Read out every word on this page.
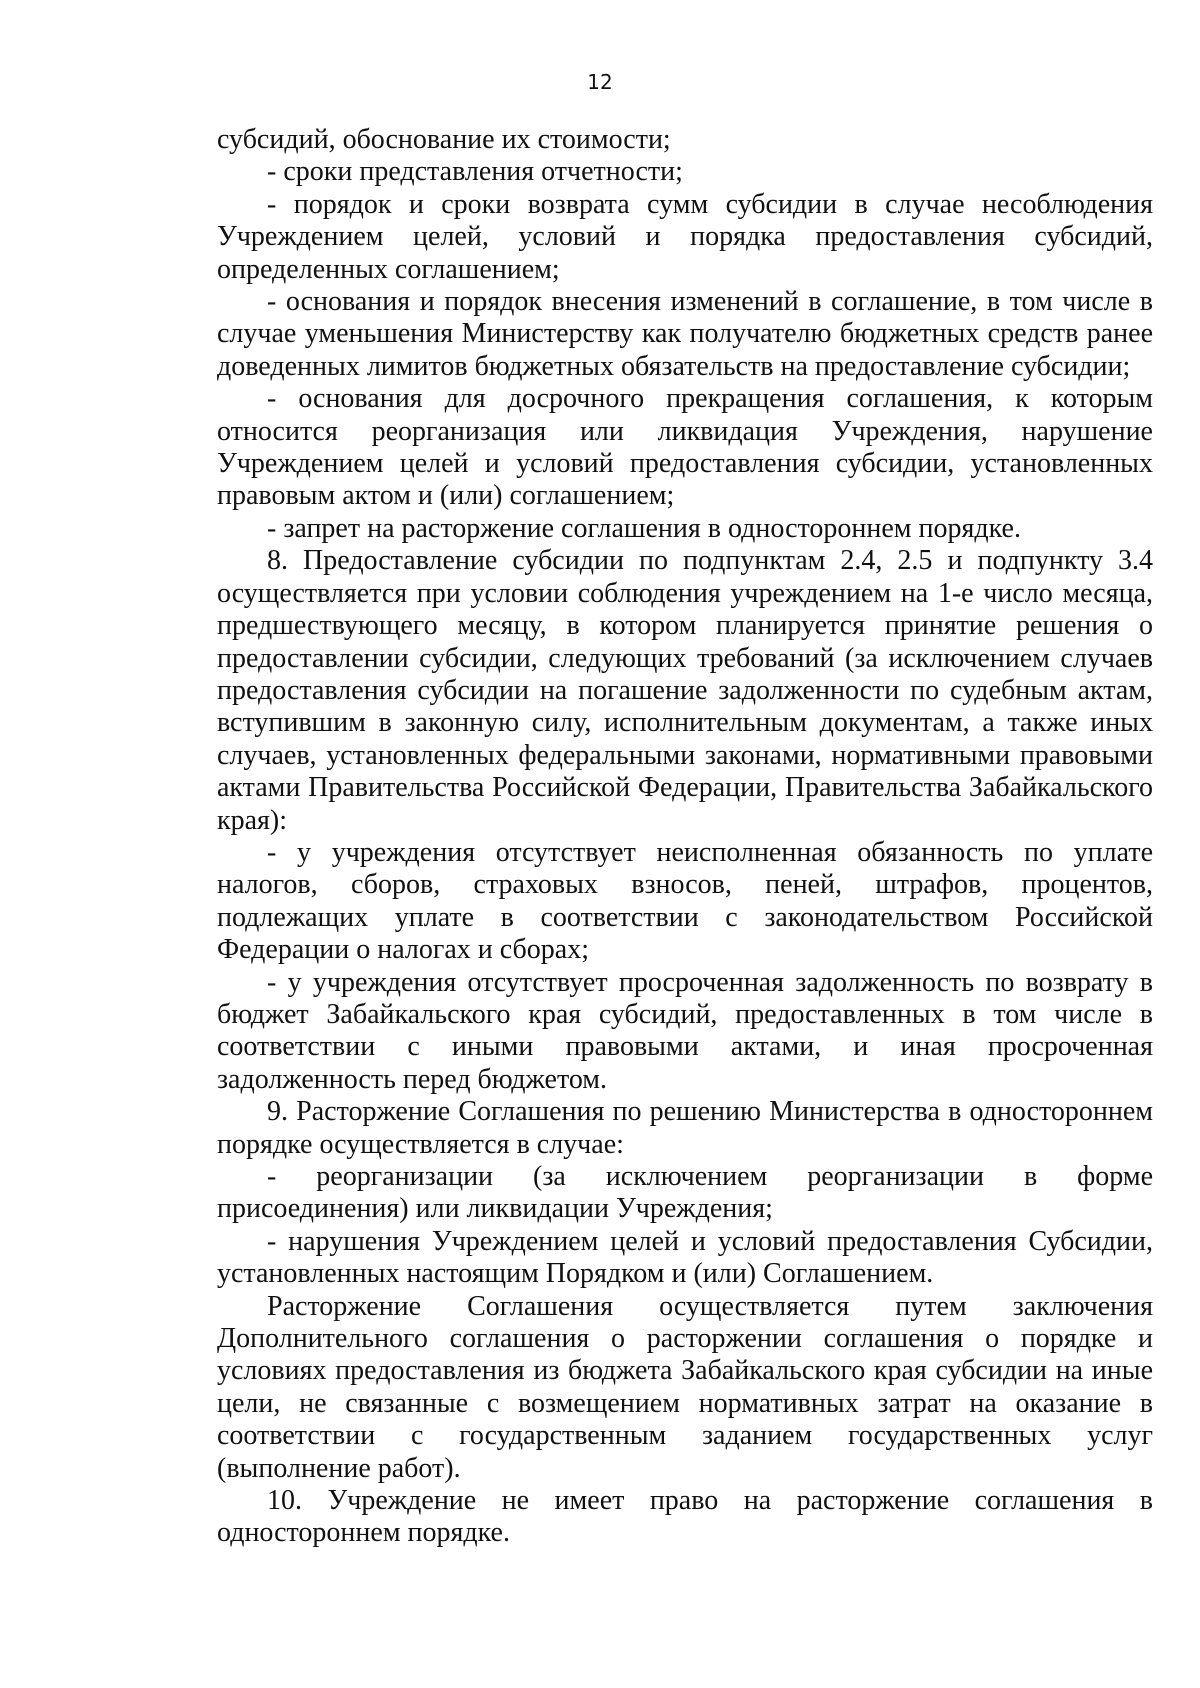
12

субсидий, обоснование их стоимости;

- сроки представления отчетности;

- порядок и сроки возврата сумм субсидии в случае несоблюдения Учреждением целей, условий и порядка предоставления субсидий, определенных соглашением;

- основания и порядок внесения изменений в соглашение, в том числе в случае уменьшения Министерству как получателю бюджетных средств ранее доведенных лимитов бюджетных обязательств на предоставление субсидии;

- основания для досрочного прекращения соглашения, к которым относится реорганизация или ликвидация Учреждения, нарушение Учреждением целей и условий предоставления субсидии, установленных правовым актом и (или) соглашением;

- запрет на расторжение соглашения в одностороннем порядке.

8. Предоставление субсидии по подпунктам 2.4, 2.5 и подпункту 3.4 осуществляется при условии соблюдения учреждением на 1-е число месяца, предшествующего месяцу, в котором планируется принятие решения о предоставлении субсидии, следующих требований (за исключением случаев предоставления субсидии на погашение задолженности по судебным актам, вступившим в законную силу, исполнительным документам, а также иных случаев, установленных федеральными законами, нормативными правовыми актами Правительства Российской Федерации, Правительства Забайкальского края):

- у учреждения отсутствует неисполненная обязанность по уплате налогов, сборов, страховых взносов, пеней, штрафов, процентов, подлежащих уплате в соответствии с законодательством Российской Федерации о налогах и сборах;

- у учреждения отсутствует просроченная задолженность по возврату в бюджет Забайкальского края субсидий, предоставленных в том числе в соответствии с иными правовыми актами, и иная просроченная задолженность перед бюджетом.

9. Расторжение Соглашения по решению Министерства в одностороннем порядке осуществляется в случае:

- реорганизации (за исключением реорганизации в форме присоединения) или ликвидации Учреждения;

- нарушения Учреждением целей и условий предоставления Субсидии, установленных настоящим Порядком и (или) Соглашением.

Расторжение Соглашения осуществляется путем заключения Дополнительного соглашения о расторжении соглашения о порядке и условиях предоставления из бюджета Забайкальского края субсидии на иные цели, не связанные с возмещением нормативных затрат на оказание в соответствии с государственным заданием государственных услуг (выполнение работ).

10. Учреждение не имеет право на расторжение соглашения в одностороннем порядке.
